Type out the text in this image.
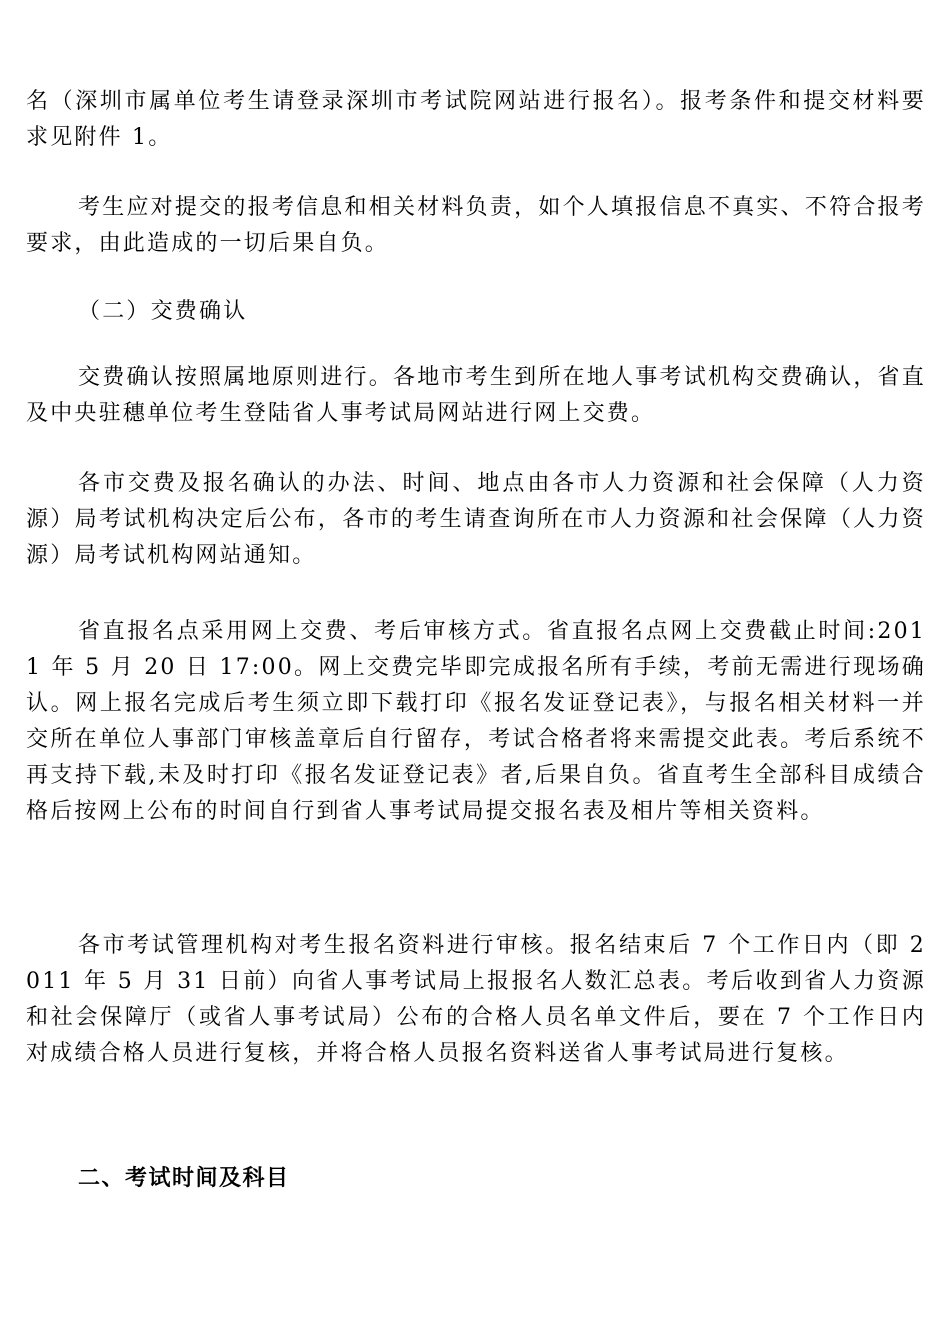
名（深圳市属单位考生请登录深圳市考试院网站进行报名）。报考条件和提交材料要求见附件 1。

考生应对提交的报考信息和相关材料负责，如个人填报信息不真实、不符合报考要求，由此造成的一切后果自负。

（二）交费确认

交费确认按照属地原则进行。各地市考生到所在地人事考试机构交费确认，省直及中央驻穗单位考生登陆省人事考试局网站进行网上交费。

各市交费及报名确认的办法、时间、地点由各市人力资源和社会保障（人力资源）局考试机构决定后公布，各市的考生请查询所在市人力资源和社会保障（人力资源）局考试机构网站通知。

省直报名点采用网上交费、考后审核方式。省直报名点网上交费截止时间:2011 年 5 月 20 日 17:00。网上交费完毕即完成报名所有手续，考前无需进行现场确认。网上报名完成后考生须立即下载打印《报名发证登记表》，与报名相关材料一并交所在单位人事部门审核盖章后自行留存，考试合格者将来需提交此表。考后系统不再支持下载,未及时打印《报名发证登记表》者,后果自负。省直考生全部科目成绩合格后按网上公布的时间自行到省人事考试局提交报名表及相片等相关资料。

各市考试管理机构对考生报名资料进行审核。报名结束后 7 个工作日内（即 2011 年 5 月 31 日前）向省人事考试局上报报名人数汇总表。考后收到省人力资源和社会保障厅（或省人事考试局）公布的合格人员名单文件后，要在 7 个工作日内对成绩合格人员进行复核，并将合格人员报名资料送省人事考试局进行复核。

二、考试时间及科目
